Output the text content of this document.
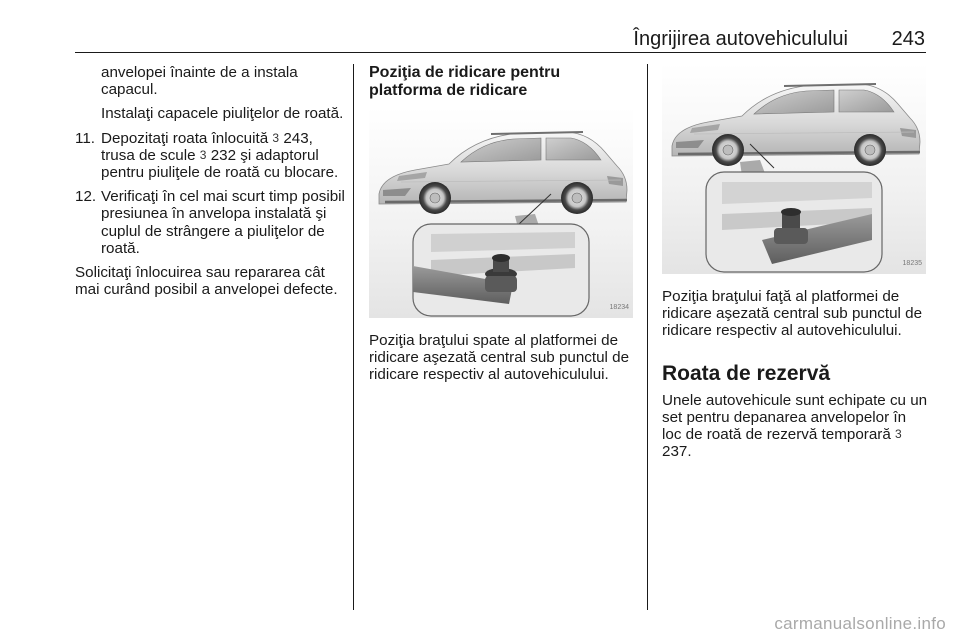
Îngrijirea autovehiculului 243

anvelopei înainte de a instala capacul.

Instalaţi capacele piuliţelor de roată.

11. Depozitaţi roata înlocuită 3 243, trusa de scule 3 232 şi adaptorul pentru piuliţele de roată cu blocare.
12. Verificaţi în cel mai scurt timp posibil presiunea în anvelopa instalată şi cuplul de strângere a piuliţelor de roată.

Solicitaţi înlocuirea sau repararea cât mai curând posibil a anvelopei defecte.

Poziţia de ridicare pentru platforma de ridicare
18234

Poziţia braţului spate al platformei de ridicare aşezată central sub punctul de ridicare respectiv al autovehiculului.

18235

Poziţia braţului faţă al platformei de ridicare aşezată central sub punctul de ridicare respectiv al autovehiculului.

Roata de rezervă

Unele autovehicule sunt echipate cu un set pentru depanarea anvelopelor în loc de roată de rezervă temporară 3 237.

carmanualsonline.info
